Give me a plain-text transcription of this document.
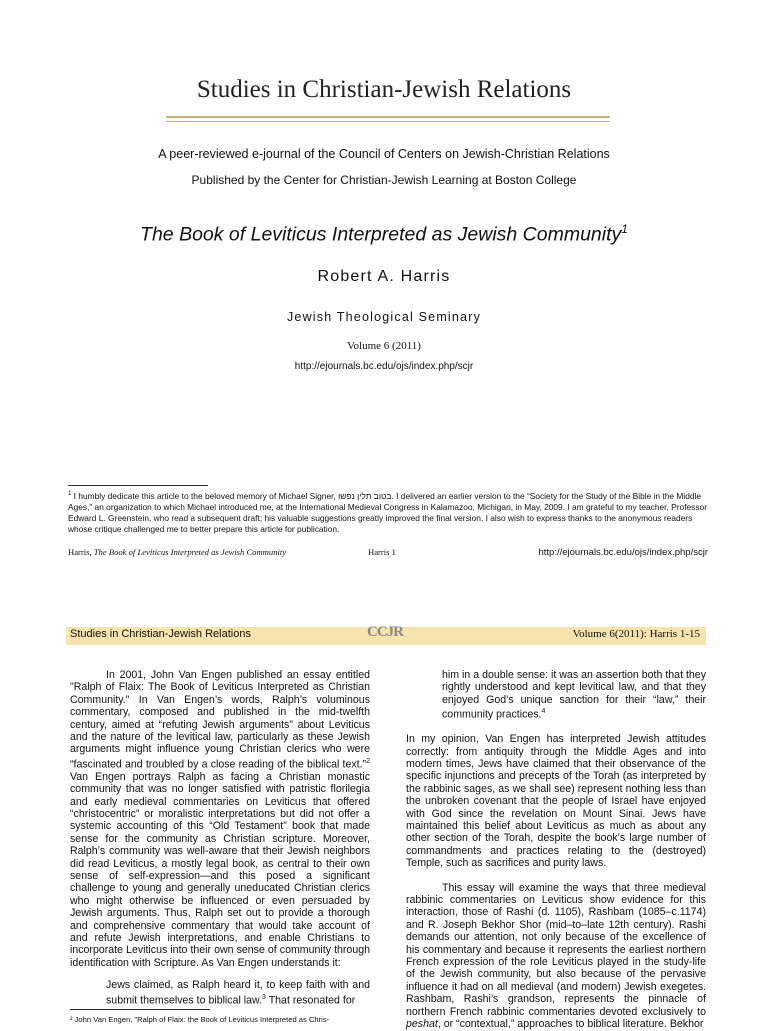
Studies in Christian-Jewish Relations
A peer-reviewed e-journal of the Council of Centers on Jewish-Christian Relations
Published by the Center for Christian-Jewish Learning at Boston College
The Book of Leviticus Interpreted as Jewish Community$^1$
Robert A. Harris
Jewish Theological Seminary
Volume 6 (2011)
http://ejournals.bc.edu/ojs/index.php/scjr
$^1$ I humbly dedicate this article to the beloved memory of Michael Signer, בטוב תלין נפשו. I delivered an earlier version to the “Society for the Study of the Bible in the Middle Ages,” an organization to which Michael introduced me, at the International Medieval Congress in Kalamazoo, Michigan, in May, 2009. I am grateful to my teacher, Professor Edward L. Greenstein, who read a subsequent draft; his valuable suggestions greatly improved the final version. I also wish to express thanks to the anonymous readers whose critique challenged me to better prepare this article for publication.
Harris, The Book of Leviticus Interpreted as Jewish Community	Harris 1	http://ejournals.bc.edu/ojs/index.php/scjr
Studies in Christian-Jewish Relations	CCJR	Volume 6(2011): Harris 1-15

In 2001, John Van Engen published an essay entitled "Ralph of Flaix: The Book of Leviticus Interpreted as Christian Community." In Van Engen’s words, Ralph’s voluminous commentary, composed and published in the mid-twelfth century, aimed at “refuting Jewish arguments” about Leviticus and the nature of the levitical law, particularly as these Jewish arguments might influence young Christian clerics who were “fascinated and troubled by a close reading of the biblical text.”$^2$ Van Engen portrays Ralph as facing a Christian monastic community that was no longer satisfied with patristic florilegia and early medieval commentaries on Leviticus that offered “christocentric” or moralistic interpretations but did not offer a systemic accounting of this “Old Testament” book that made sense for the community as Christian scripture. Moreover, Ralph’s community was well-aware that their Jewish neighbors did read Leviticus, a mostly legal book, as central to their own sense of self-expression—and this posed a significant challenge to young and generally uneducated Christian clerics who might otherwise be influenced or even persuaded by Jewish arguments. Thus, Ralph set out to provide a thorough and comprehensive commentary that would take account of and refute Jewish interpretations, and enable Christians to incorporate Leviticus into their own sense of community through identification with Scripture. As Van Engen understands it:

Jews claimed, as Ralph heard it, to keep faith with and submit themselves to biblical law.$^3$ That resonated for

him in a double sense: it was an assertion both that they rightly understood and kept levitical law, and that they enjoyed God’s unique sanction for their “law,” their community practices.$^4$

In my opinion, Van Engen has interpreted Jewish attitudes correctly: from antiquity through the Middle Ages and into modern times, Jews have claimed that their observance of the specific injunctions and precepts of the Torah (as interpreted by the rabbinic sages, as we shall see) represent nothing less than the unbroken covenant that the people of Israel have enjoyed with God since the revelation on Mount Sinai. Jews have maintained this belief about Leviticus as much as about any other section of the Torah, despite the book’s large number of commandments and practices relating to the (destroyed) Temple, such as sacrifices and purity laws.

This essay will examine the ways that three medieval rabbinic commentaries on Leviticus show evidence for this interaction, those of Rashi (d. 1105), Rashbam (1085–c.1174) and R. Joseph Bekhor Shor (mid–to–late 12th century). Rashi demands our attention, not only because of the excellence of his commentary and because it represents the earliest northern French expression of the role Leviticus played in the study-life of the Jewish community, but also because of the pervasive influence it had on all medieval (and modern) Jewish exegetes. Rashbam, Rashi’s grandson, represents the pinnacle of northern French rabbinic commentaries devoted exclusively to peshat, or “contextual,” approaches to biblical literature. Bekhor

² John Van Engen, "Ralph of Flaix: the Book of Leviticus Interpreted as Chris-
